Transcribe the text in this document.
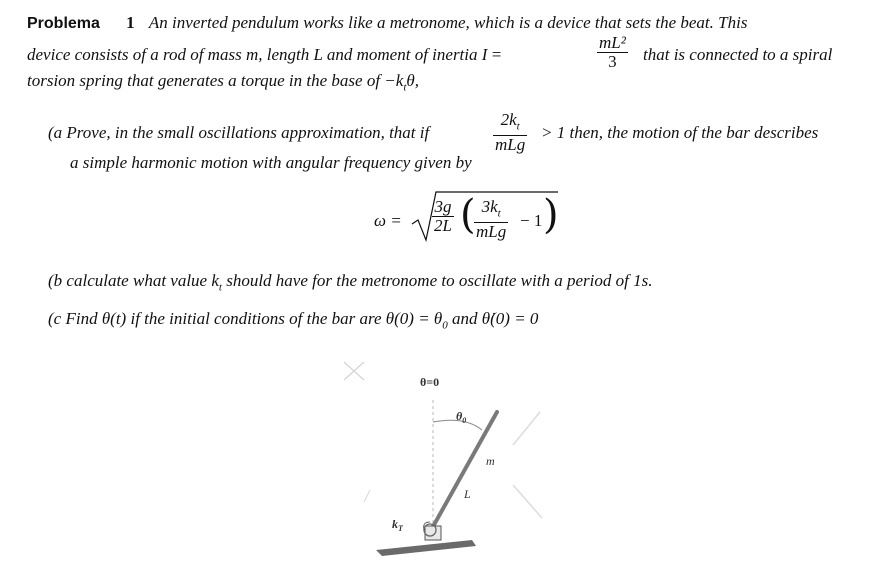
Problema 1 An inverted pendulum works like a metronome, which is a device that sets the beat. This
device consists of a rod of mass m, length L and moment of inertia I =	$\frac{\text{mL²}}{3}$ that is connected to a spiral
torsion spring that generates a torque in the base of $-k_t\theta$,
(a Prove, in the small oscillations approximation, that if
$2k_t$
mLg
> 1 then, the motion of the bar describes
a simple harmonic motion with angular frequency given by
$\omega = \frac{3g}{2L}$ ( $3k_t$
mLg
− 1 )
(b calculate what value $k_t$ should have for the metronome to oscillate with a period of 1s.
(c Find θ(t) if the initial conditions of the bar are $\theta(0) = \theta_0$ and θ̇(0) = 0
θ=0
$\theta_0$
m
L
$k_T$
